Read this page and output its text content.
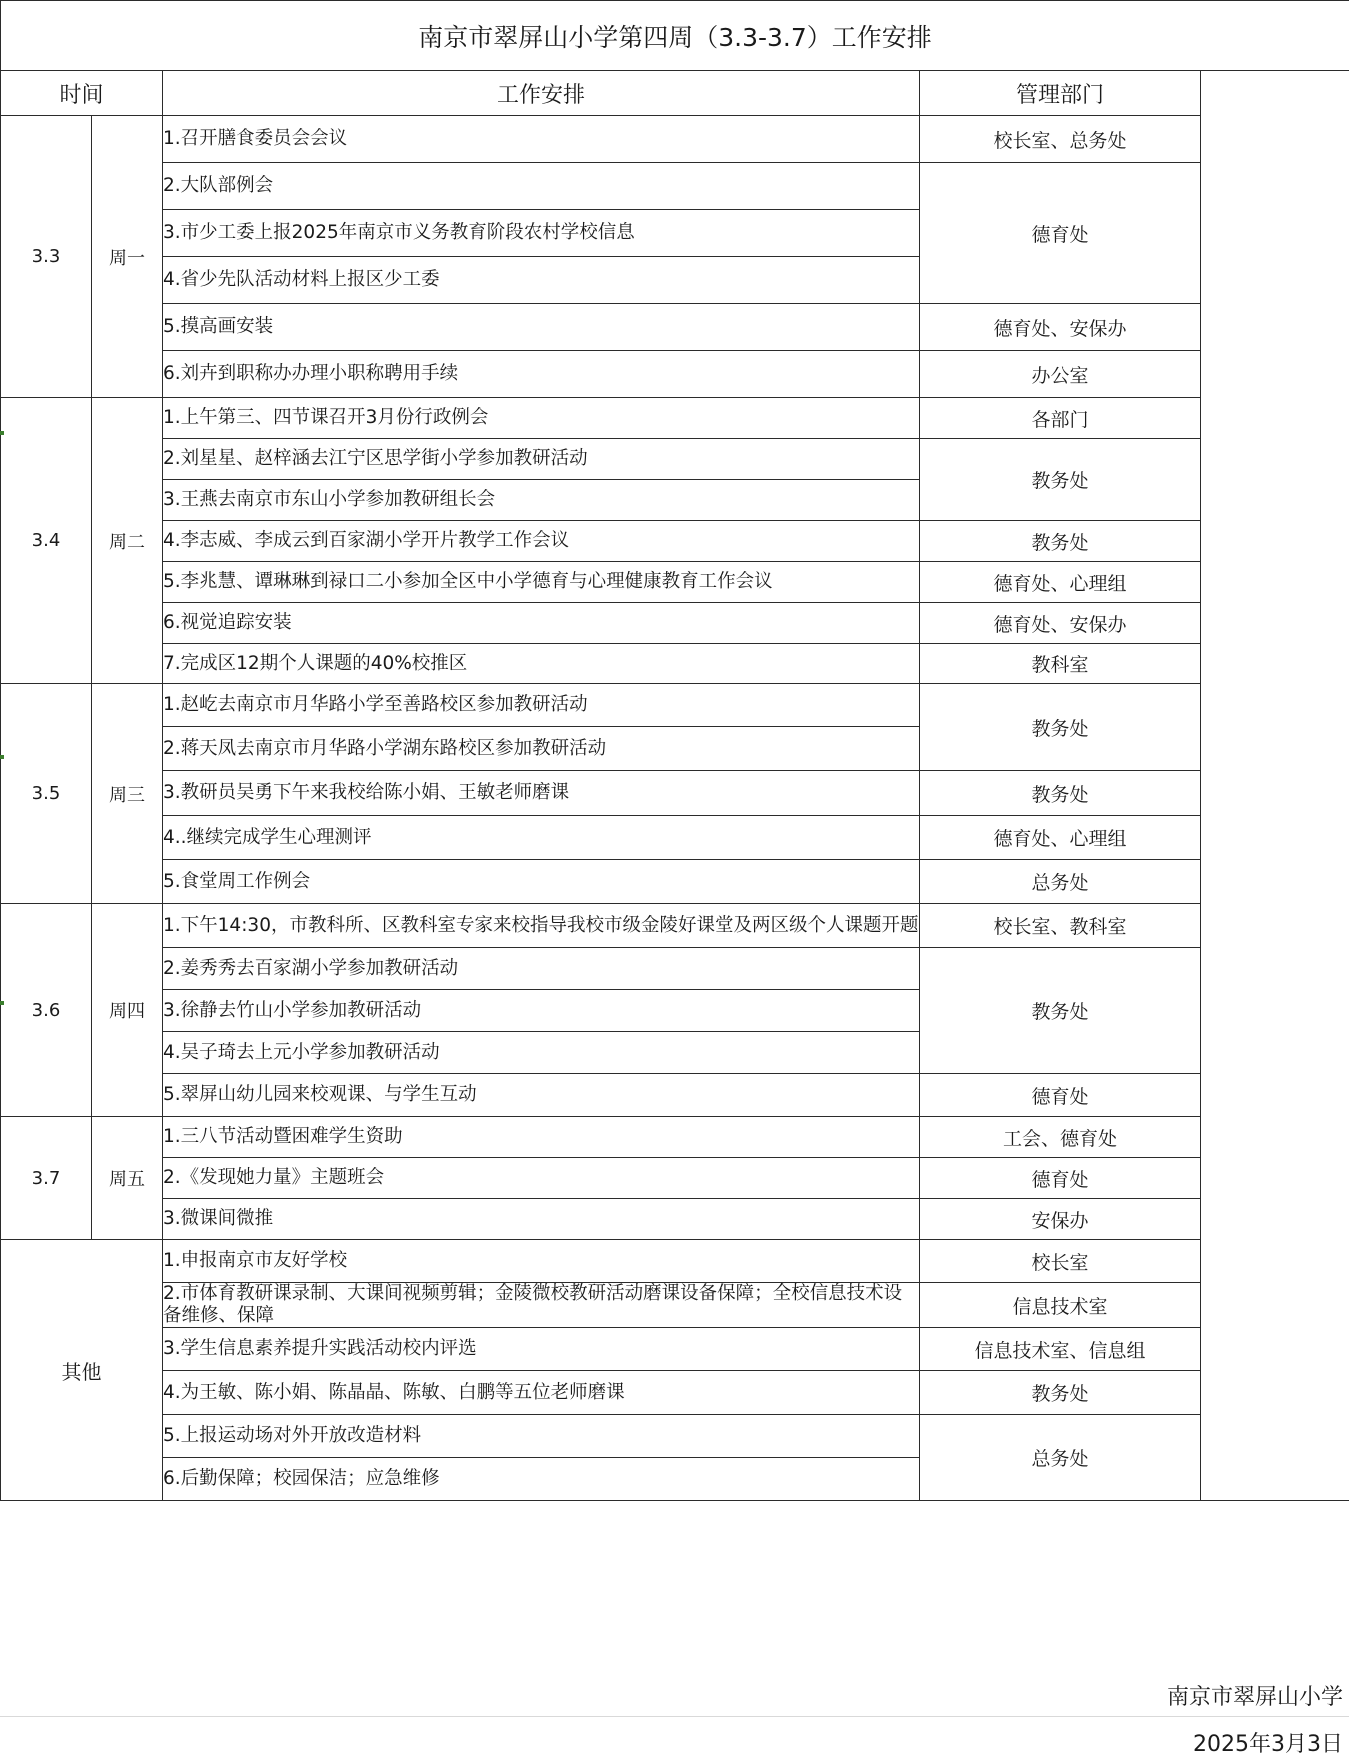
南京市翠屏山小学第四周（3.3-3.7）工作安排				
时间		工作安排	管理部门	
3.3	周一	1.召开膳食委员会会议	校长室、总务处	
		2.大队部例会	德育处	
		3.市少工委上报2025年南京市义务教育阶段农村学校信息		
		4.省少先队活动材料上报区少工委		
		5.摸高画安装	德育处、安保办	
		6.刘卉到职称办办理小职称聘用手续	办公室	
3.4	周二	1.上午第三、四节课召开3月份行政例会	各部门	
		2.刘星星、赵梓涵去江宁区思学街小学参加教研活动	教务处	
		3.王燕去南京市东山小学参加教研组长会		
		4.李志威、李成云到百家湖小学开片教学工作会议	教务处	
		5.李兆慧、谭琳琳到禄口二小参加全区中小学德育与心理健康教育工作会议	德育处、心理组	
		6.视觉追踪安装	德育处、安保办	
		7.完成区12期个人课题的40%校推区	教科室	
3.5	周三	1.赵屹去南京市月华路小学至善路校区参加教研活动	教务处	
		2.蒋天凤去南京市月华路小学湖东路校区参加教研活动		
		3.教研员吴勇下午来我校给陈小娟、王敏老师磨课	教务处	
		4..继续完成学生心理测评	德育处、心理组	
		5.食堂周工作例会	总务处	
3.6	周四	1.下午14:30，市教科所、区教科室专家来校指导我校市级金陵好课堂及两区级个人课题开题	校长室、教科室	
		2.姜秀秀去百家湖小学参加教研活动	教务处	
		3.徐静去竹山小学参加教研活动		
		4.吴子琦去上元小学参加教研活动		
		5.翠屏山幼儿园来校观课、与学生互动	德育处	
3.7	周五	1.三八节活动暨困难学生资助	工会、德育处	
		2.《发现她力量》主题班会	德育处	
		3.微课间微推	安保办	
其他		1.申报南京市友好学校	校长室	
		2.市体育教研课录制、大课间视频剪辑；金陵微校教研活动磨课设备保障；全校信息技术设备维修、保障	信息技术室	
		3.学生信息素养提升实践活动校内评选	信息技术室、信息组	
		4.为王敏、陈小娟、陈晶晶、陈敏、白鹏等五位老师磨课	教务处	
		5.上报运动场对外开放改造材料	总务处	
		6.后勤保障；校园保洁；应急维修		
南京市翠屏山小学
2025年3月3日
